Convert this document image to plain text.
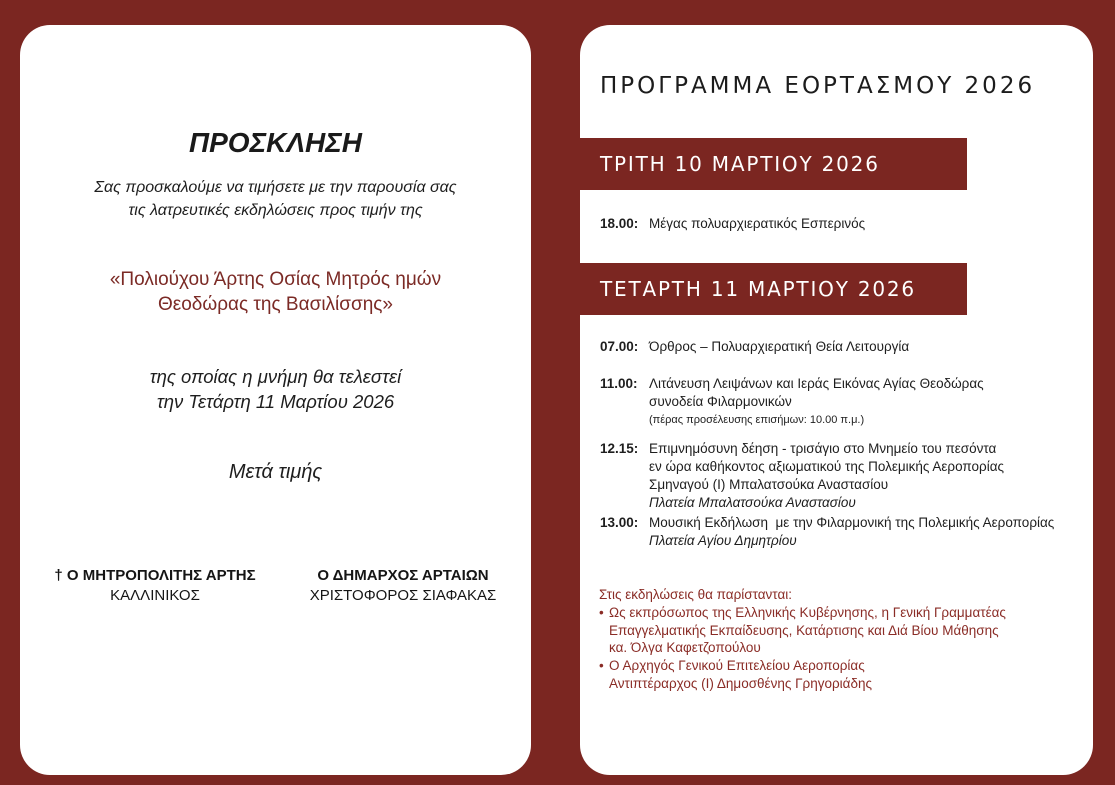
ΠΡΟΣΚΛΗΣΗ
Σας προσκαλούμε να τιμήσετε με την παρουσία σας
τις λατρευτικές εκδηλώσεις προς τιμήν της
«Πολιούχου Άρτης Οσίας Μητρός ημών
Θεοδώρας της Βασιλίσσης»
της οποίας η μνήμη θα τελεστεί
την Τετάρτη 11 Μαρτίου 2026
Μετά τιμής
† Ο ΜΗΤΡΟΠΟΛΙΤΗΣ ΑΡΤΗΣ
ΚΑΛΛΙΝΙΚΟΣ
Ο ΔΗΜΑΡΧΟΣ ΑΡΤΑΙΩΝ
ΧΡΙΣΤΟΦΟΡΟΣ ΣΙΑΦΑΚΑΣ
ΠΡΟΓΡΑΜΜΑ ΕΟΡΤΑΣΜΟΥ 2026
ΤΡΙΤΗ 10 ΜΑΡΤΙΟΥ 2026
18.00: Μέγας πολυαρχιερατικός Εσπερινός
ΤΕΤΑΡΤΗ 11 ΜΑΡΤΙΟΥ 2026
07.00: Όρθρος – Πολυαρχιερατική Θεία Λειτουργία
11.00: Λιτάνευση Λειψάνων και Ιεράς Εικόνας Αγίας Θεοδώρας
συνοδεία Φιλαρμονικών
(πέρας προσέλευσης επισήμων: 10.00 π.μ.)
12.15: Επιμνημόσυνη δέηση - τρισάγιο στο Μνημείο του πεσόντα
εν ώρα καθήκοντος αξιωματικού της Πολεμικής Αεροπορίας
Σμηναγού (Ι) Μπαλατσούκα Αναστασίου
Πλατεία Μπαλατσούκα Αναστασίου
13.00: Μουσική Εκδήλωση  με την Φιλαρμονική της Πολεμικής Αεροπορίας
Πλατεία Αγίου Δημητρίου
Στις εκδηλώσεις θα παρίστανται:
• Ως εκπρόσωπος της Ελληνικής Κυβέρνησης, η Γενική Γραμματέας
Επαγγελματικής Εκπαίδευσης, Κατάρτισης και Διά Βίου Μάθησης
κα. Όλγα Καφετζοπούλου
• Ο Αρχηγός Γενικού Επιτελείου Αεροπορίας
Αντιπτέραρχος (Ι) Δημοσθένης Γρηγοριάδης
